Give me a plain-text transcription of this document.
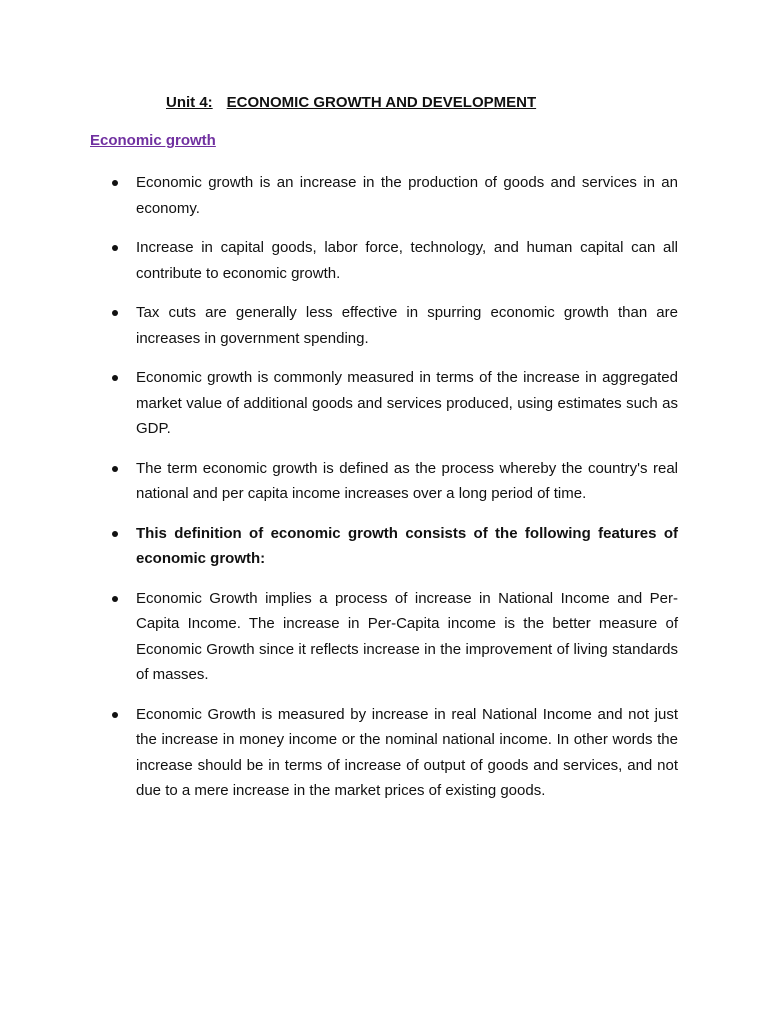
Unit 4: ECONOMIC GROWTH AND DEVELOPMENT
Economic growth
Economic growth is an increase in the production of goods and services in an economy.
Increase in capital goods, labor force, technology, and human capital can all contribute to economic growth.
Tax cuts are generally less effective in spurring economic growth than are increases in government spending.
Economic growth is commonly measured in terms of the increase in aggregated market value of additional goods and services produced, using estimates such as GDP.
The term economic growth is defined as the process whereby the country's real national and per capita income increases over a long period of time.
This definition of economic growth consists of the following features of economic growth:
Economic Growth implies a process of increase in National Income and Per-Capita Income. The increase in Per-Capita income is the better measure of Economic Growth since it reflects increase in the improvement of living standards of masses.
Economic Growth is measured by increase in real National Income and not just the increase in money income or the nominal national income. In other words the increase should be in terms of increase of output of goods and services, and not due to a mere increase in the market prices of existing goods.
